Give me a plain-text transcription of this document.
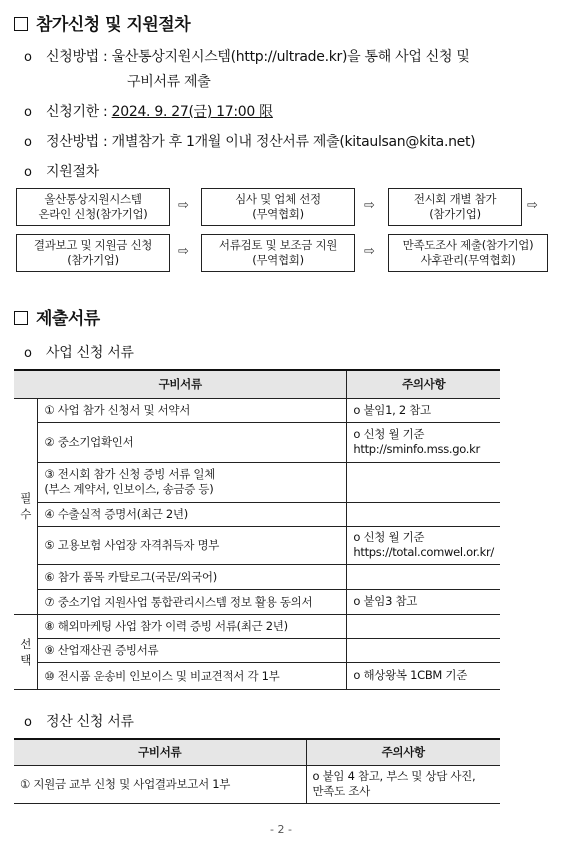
참가신청 및 지원절차
o 신청방법 : 울산통상지원시스템(http://ultrade.kr)을 통해 사업 신청 및
구비서류 제출
o 신청기한 : 2024. 9. 27(금) 17:00 限
o 정산방법 : 개별참가 후 1개월 이내 정산서류 제출(kitaulsan@kita.net)
o 지원절차
울산통상지원시스템
온라인 신청(참가기업)
⇨	심사 및 업체 선정
(무역협회)
⇨	전시회 개별 참가
(참가기업)
⇨
결과보고 및 지원금 신청
(참가기업)
⇨	서류검토 및 보조금 지원
(무역협회)
⇨	만족도조사 제출(참가기업)
사후관리(무역협회)
제출서류
o 사업 신청 서류
구비서류		주의사항
필
수	① 사업 참가 신청서 및 서약서	o 붙임1, 2 참고
	② 중소기업확인서	o 신청 월 기준
http://sminfo.mss.go.kr
	③ 전시회 참가 신청 증빙 서류 일체
(부스 계약서, 인보이스, 송금증 등)	
	④ 수출실적 증명서(최근 2년)	
	⑤ 고용보험 사업장 자격취득자 명부	o 신청 월 기준
https://total.comwel.or.kr/
	⑥ 참가 품목 카탈로그(국문/외국어)	
	⑦ 중소기업 지원사업 통합관리시스템 정보 활용 동의서	o 붙임3 참고
선
택	⑧ 해외마케팅 사업 참가 이력 증빙 서류(최근 2년)	
	⑨ 산업재산권 증빙서류	
	⑩ 전시품 운송비 인보이스 및 비교견적서 각 1부	o 해상왕복 1CBM 기준
o 정산 신청 서류
구비서류	주의사항
① 지원금 교부 신청 및 사업결과보고서 1부	o 붙임 4 참고, 부스 및 상담 사진,
만족도 조사
- 2 -
